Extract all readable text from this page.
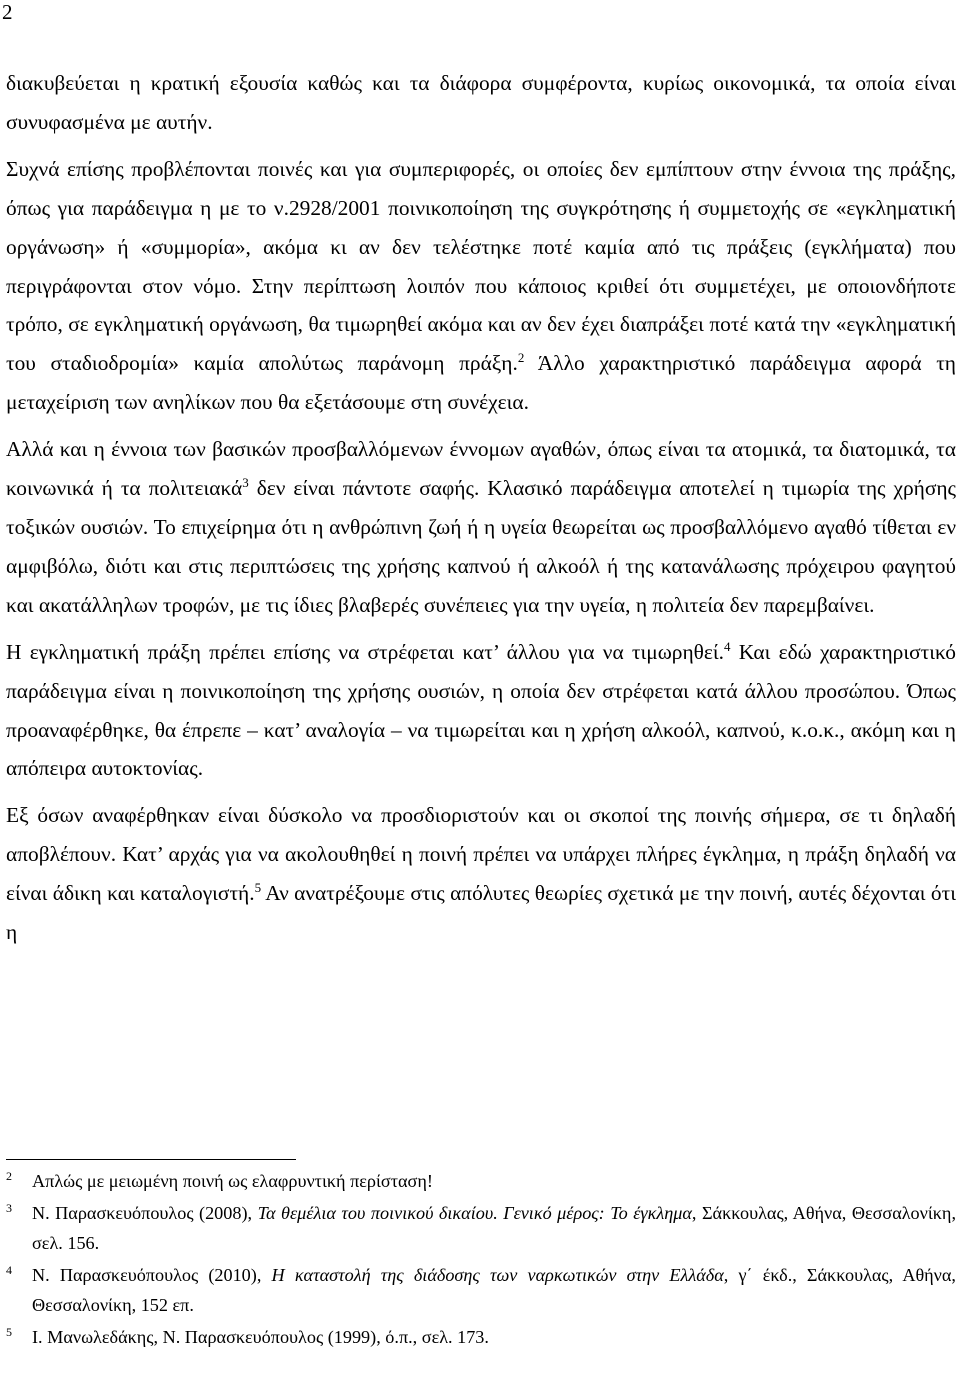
2

διακυβεύεται η κρατική εξουσία καθώς και τα διάφορα συμφέροντα, κυρίως οικονομικά, τα οποία είναι συνυφασμένα με αυτήν.

Συχνά επίσης προβλέπονται ποινές και για συμπεριφορές, οι οποίες δεν εμπίπτουν στην έννοια της πράξης, όπως για παράδειγμα η με το ν.2928/2001 ποινικοποίηση της συγκρότησης ή συμμετοχής σε «εγκληματική οργάνωση» ή «συμμορία», ακόμα κι αν δεν τελέστηκε ποτέ καμία από τις πράξεις (εγκλήματα) που περιγράφονται στον νόμο. Στην περίπτωση λοιπόν που κάποιος κριθεί ότι συμμετέχει, με οποιονδήποτε τρόπο, σε εγκληματική οργάνωση, θα τιμωρηθεί ακόμα και αν δεν έχει διαπράξει ποτέ κατά την «εγκληματική του σταδιοδρομία» καμία απολύτως παράνομη πράξη.$^2$ Άλλο χαρακτηριστικό παράδειγμα αφορά τη μεταχείριση των ανηλίκων που θα εξετάσουμε στη συνέχεια.

Αλλά και η έννοια των βασικών προσβαλλόμενων έννομων αγαθών, όπως είναι τα ατομικά, τα διατομικά, τα κοινωνικά ή τα πολιτειακά$^3$ δεν είναι πάντοτε σαφής. Κλασικό παράδειγμα αποτελεί η τιμωρία της χρήσης τοξικών ουσιών. Το επιχείρημα ότι η ανθρώπινη ζωή ή η υγεία θεωρείται ως προσβαλλόμενο αγαθό τίθεται εν αμφιβόλω, διότι και στις περιπτώσεις της χρήσης καπνού ή αλκοόλ ή της κατανάλωσης πρόχειρου φαγητού και ακατάλληλων τροφών, με τις ίδιες βλαβερές συνέπειες για την υγεία, η πολιτεία δεν παρεμβαίνει.

Η εγκληματική πράξη πρέπει επίσης να στρέφεται κατ’ άλλου για να τιμωρηθεί.$^4$ Και εδώ χαρακτηριστικό παράδειγμα είναι η ποινικοποίηση της χρήσης ουσιών, η οποία δεν στρέφεται κατά άλλου προσώπου. Όπως προαναφέρθηκε, θα έπρεπε – κατ’ αναλογία – να τιμωρείται και η χρήση αλκοόλ, καπνού, κ.ο.κ., ακόμη και η απόπειρα αυτοκτονίας.

Εξ όσων αναφέρθηκαν είναι δύσκολο να προσδιοριστούν και οι σκοποί της ποινής σήμερα, σε τι δηλαδή αποβλέπουν. Κατ’ αρχάς για να ακολουθηθεί η ποινή πρέπει να υπάρχει πλήρες έγκλημα, η πράξη δηλαδή να είναι άδικη και καταλογιστή.$^5$ Αν ανατρέξουμε στις απόλυτες θεωρίες σχετικά με την ποινή, αυτές δέχονται ότι η

2 Απλώς με μειωμένη ποινή ως ελαφρυντική περίσταση!

3 Ν. Παρασκευόπουλος (2008), Τα θεμέλια του ποινικού δικαίου. Γενικό μέρος: Το έγκλημα, Σάκκουλας, Αθήνα, Θεσσαλονίκη, σελ. 156.

4 Ν. Παρασκευόπουλος (2010), Η καταστολή της διάδοσης των ναρκωτικών στην Ελλάδα, γ΄ έκδ., Σάκκουλας, Αθήνα, Θεσσαλονίκη, 152 επ.

5 Ι. Μανωλεδάκης, Ν. Παρασκευόπουλος (1999), ό.π., σελ. 173.
